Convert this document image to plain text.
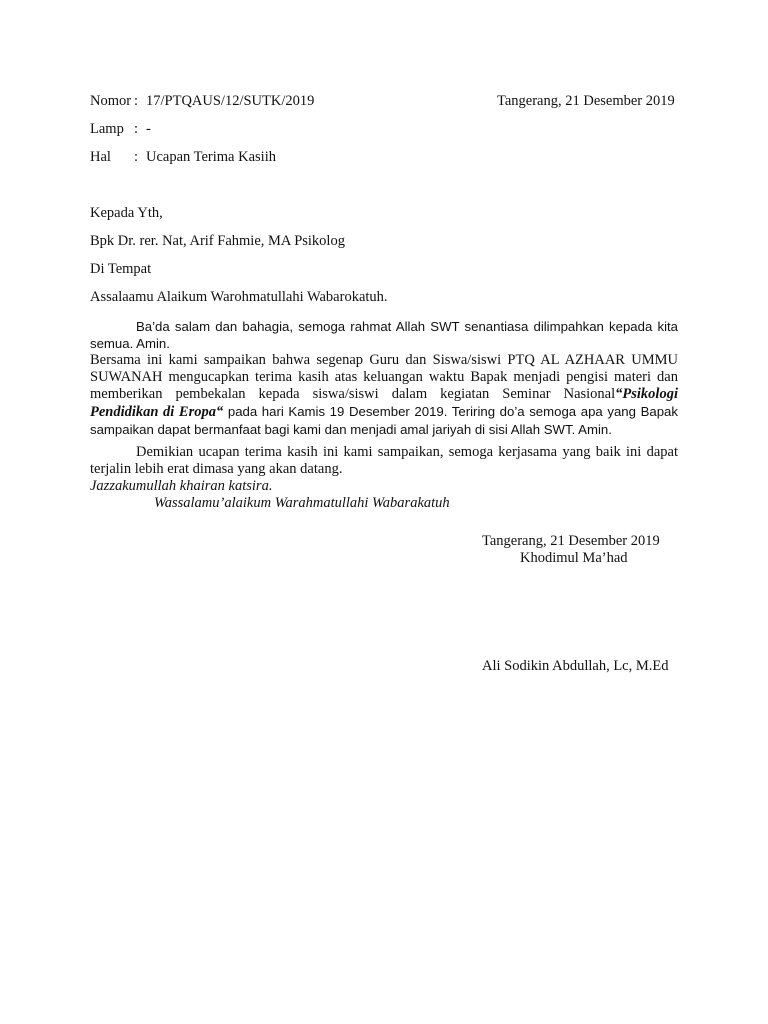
Nomor : 17/PTQAUS/12/SUTK/2019	Tangerang, 21 Desember 2019
Lamp : -
Hal : Ucapan Terima Kasiih
Kepada Yth,
Bpk Dr. rer. Nat, Arif Fahmie, MA Psikolog
Di Tempat
Assalaamu Alaikum Warohmatullahi Wabarokatuh.
Ba’da salam dan bahagia, semoga rahmat Allah SWT senantiasa dilimpahkan kepada kita semua. Amin.
Bersama ini kami sampaikan bahwa segenap Guru dan Siswa/siswi PTQ AL AZHAAR UMMU SUWANAH mengucapkan terima kasih atas keluangan waktu Bapak menjadi pengisi materi dan memberikan pembekalan kepada siswa/siswi dalam kegiatan Seminar Nasional“Psikologi Pendidikan di Eropa“ pada hari Kamis 19 Desember 2019. Teriring do’a semoga apa yang Bapak sampaikan dapat bermanfaat bagi kami dan menjadi amal jariyah di sisi Allah SWT. Amin.
Demikian ucapan terima kasih ini kami sampaikan, semoga kerjasama yang baik ini dapat terjalin lebih erat dimasa yang akan datang.
Jazzakumullah khairan katsira.
Wassalamu’alaikum Warahmatullahi Wabarakatuh
Tangerang, 21 Desember 2019
Khodimul Ma’had
Ali Sodikin Abdullah, Lc, M.Ed
